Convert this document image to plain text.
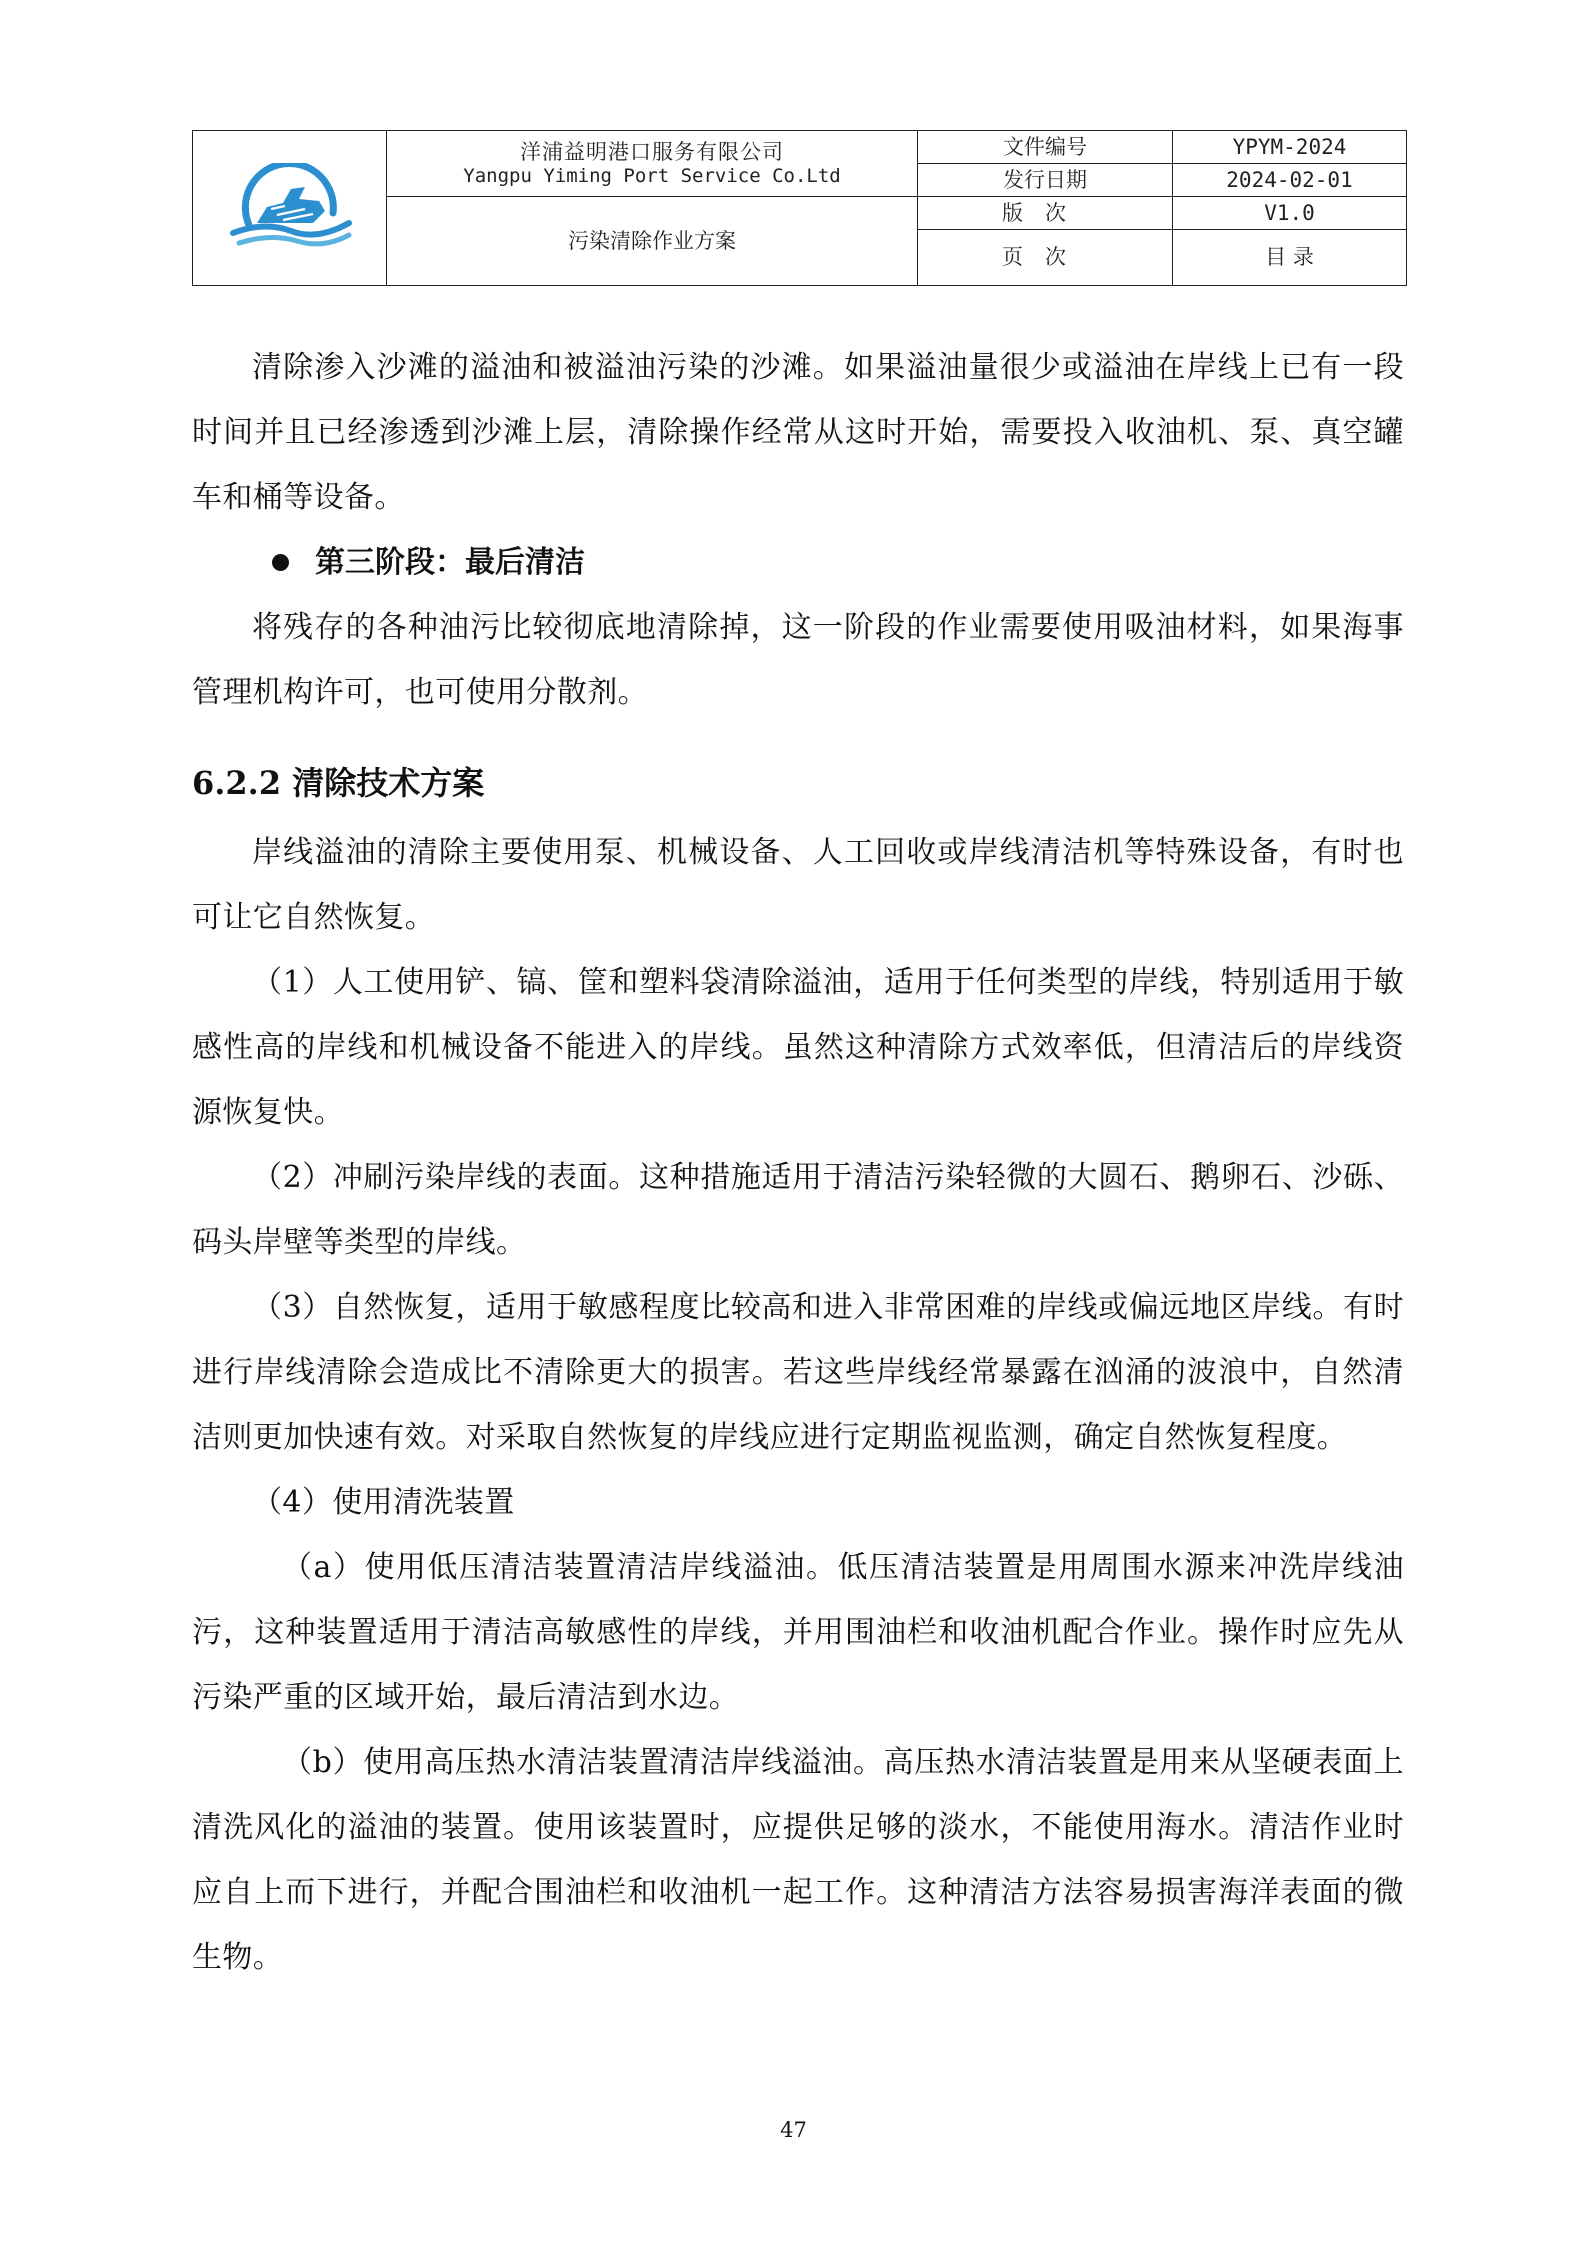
洋浦益明港口服务有限公司
Yangpu Yiming Port Service Co.Ltd	文件编号	YPYM-2024
		发行日期	2024-02-01
	污染清除作业方案	版次	V1.0
		页次	目 录

清除渗入沙滩的溢油和被溢油污染的沙滩。如果溢油量很少或溢油在岸线上已有一段时间并且已经渗透到沙滩上层，清除操作经常从这时开始，需要投入收油机、泵、真空罐车和桶等设备。

第三阶段：最后清洁

将残存的各种油污比较彻底地清除掉，这一阶段的作业需要使用吸油材料，如果海事管理机构许可，也可使用分散剂。

6.2.2 清除技术方案

岸线溢油的清除主要使用泵、机械设备、人工回收或岸线清洁机等特殊设备，有时也可让它自然恢复。

（1）人工使用铲、镐、筐和塑料袋清除溢油，适用于任何类型的岸线，特别适用于敏感性高的岸线和机械设备不能进入的岸线。虽然这种清除方式效率低，但清洁后的岸线资源恢复快。

（2）冲刷污染岸线的表面。这种措施适用于清洁污染轻微的大圆石、鹅卵石、沙砾、码头岸壁等类型的岸线。

（3）自然恢复，适用于敏感程度比较高和进入非常困难的岸线或偏远地区岸线。有时进行岸线清除会造成比不清除更大的损害。若这些岸线经常暴露在汹涌的波浪中，自然清洁则更加快速有效。对采取自然恢复的岸线应进行定期监视监测，确定自然恢复程度。

（4）使用清洗装置

（a）使用低压清洁装置清洁岸线溢油。低压清洁装置是用周围水源来冲洗岸线油污，这种装置适用于清洁高敏感性的岸线，并用围油栏和收油机配合作业。操作时应先从污染严重的区域开始，最后清洁到水边。

（b）使用高压热水清洁装置清洁岸线溢油。高压热水清洁装置是用来从坚硬表面上清洗风化的溢油的装置。使用该装置时，应提供足够的淡水，不能使用海水。清洁作业时应自上而下进行，并配合围油栏和收油机一起工作。这种清洁方法容易损害海洋表面的微生物。

47
